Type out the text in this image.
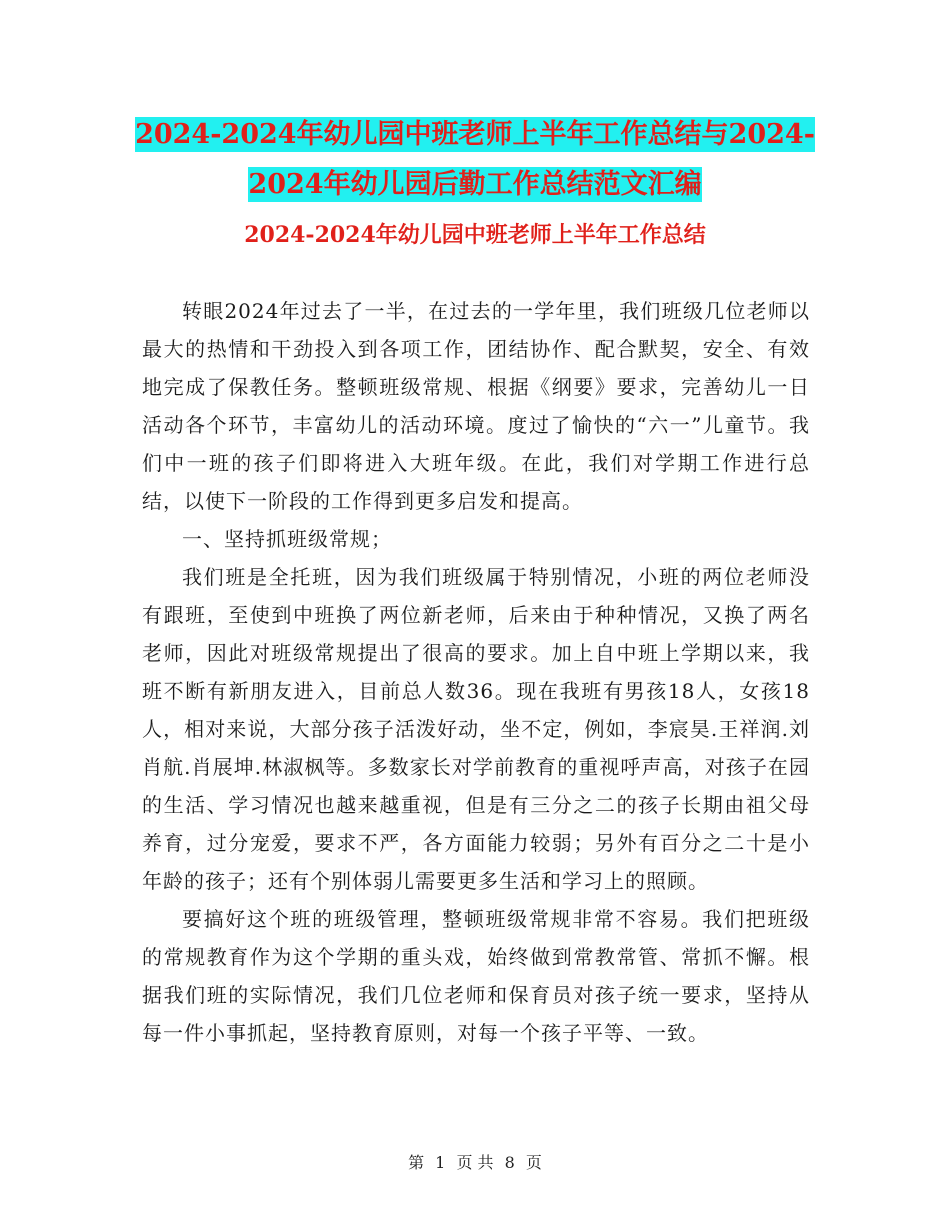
2024-2024年幼儿园中班老师上半年工作总结与2024-
2024年幼儿园后勤工作总结范文汇编
2024-2024年幼儿园中班老师上半年工作总结

转眼2024年过去了一半，在过去的一学年里，我们班级几位老师以最大的热情和干劲投入到各项工作，团结协作、配合默契，安全、有效地完成了保教任务。整顿班级常规、根据《纲要》要求，完善幼儿一日活动各个环节，丰富幼儿的活动环境。度过了愉快的“六一”儿童节。我们中一班的孩子们即将进入大班年级。在此，我们对学期工作进行总结，以使下一阶段的工作得到更多启发和提高。

一、坚持抓班级常规；

我们班是全托班，因为我们班级属于特别情况，小班的两位老师没有跟班，至使到中班换了两位新老师，后来由于种种情况，又换了两名老师，因此对班级常规提出了很高的要求。加上自中班上学期以来，我班不断有新朋友进入，目前总人数36。现在我班有男孩18人，女孩18人，相对来说，大部分孩子活泼好动，坐不定，例如，李宸昊.王祥润.刘肖航.肖展坤.林淑枫等。多数家长对学前教育的重视呼声高，对孩子在园的生活、学习情况也越来越重视，但是有三分之二的孩子长期由祖父母养育，过分宠爱，要求不严，各方面能力较弱；另外有百分之二十是小年龄的孩子；还有个别体弱儿需要更多生活和学习上的照顾。

要搞好这个班的班级管理，整顿班级常规非常不容易。我们把班级的常规教育作为这个学期的重头戏，始终做到常教常管、常抓不懈。根据我们班的实际情况，我们几位老师和保育员对孩子统一要求，坚持从每一件小事抓起，坚持教育原则，对每一个孩子平等、一致。

第 1 页 共 8 页
